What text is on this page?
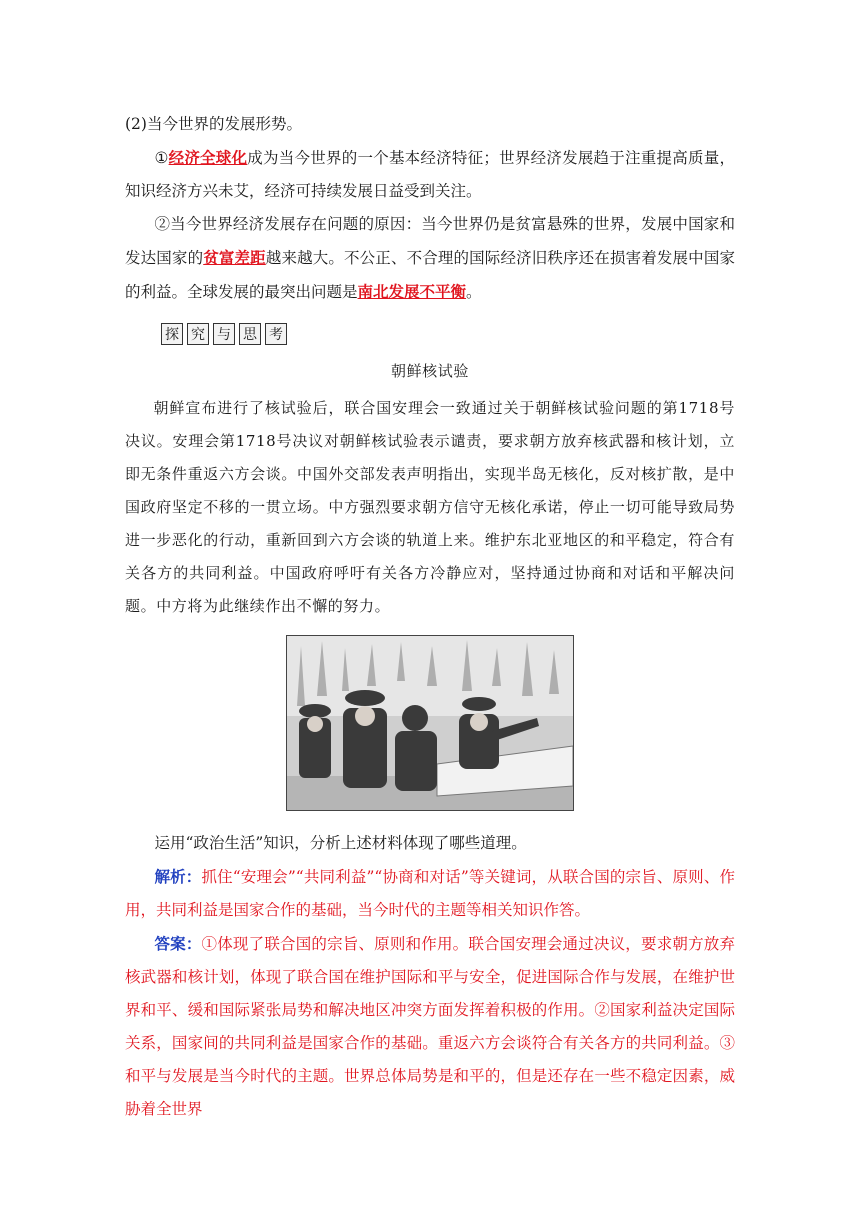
(2)当今世界的发展形势。

①经济全球化成为当今世界的一个基本经济特征；世界经济发展趋于注重提高质量，知识经济方兴未艾，经济可持续发展日益受到关注。

②当今世界经济发展存在问题的原因：当今世界仍是贫富悬殊的世界，发展中国家和发达国家的贫富差距越来越大。不公正、不合理的国际经济旧秩序还在损害着发展中国家的利益。全球发展的最突出问题是南北发展不平衡。

探 究 与 思 考

朝鲜核试验

朝鲜宣布进行了核试验后，联合国安理会一致通过关于朝鲜核试验问题的第1718号决议。安理会第1718号决议对朝鲜核试验表示谴责，要求朝方放弃核武器和核计划，立即无条件重返六方会谈。中国外交部发表声明指出，实现半岛无核化，反对核扩散，是中国政府坚定不移的一贯立场。中方强烈要求朝方信守无核化承诺，停止一切可能导致局势进一步恶化的行动，重新回到六方会谈的轨道上来。维护东北亚地区的和平稳定，符合有关各方的共同利益。中国政府呼吁有关各方冷静应对，坚持通过协商和对话和平解决问题。中方将为此继续作出不懈的努力。

运用“政治生活”知识，分析上述材料体现了哪些道理。

解析：抓住“安理会”“共同利益”“协商和对话”等关键词，从联合国的宗旨、原则、作用，共同利益是国家合作的基础，当今时代的主题等相关知识作答。

答案：①体现了联合国的宗旨、原则和作用。联合国安理会通过决议，要求朝方放弃核武器和核计划，体现了联合国在维护国际和平与安全，促进国际合作与发展，在维护世界和平、缓和国际紧张局势和解决地区冲突方面发挥着积极的作用。②国家利益决定国际关系，国家间的共同利益是国家合作的基础。重返六方会谈符合有关各方的共同利益。③和平与发展是当今时代的主题。世界总体局势是和平的，但是还存在一些不稳定因素，威胁着全世界
